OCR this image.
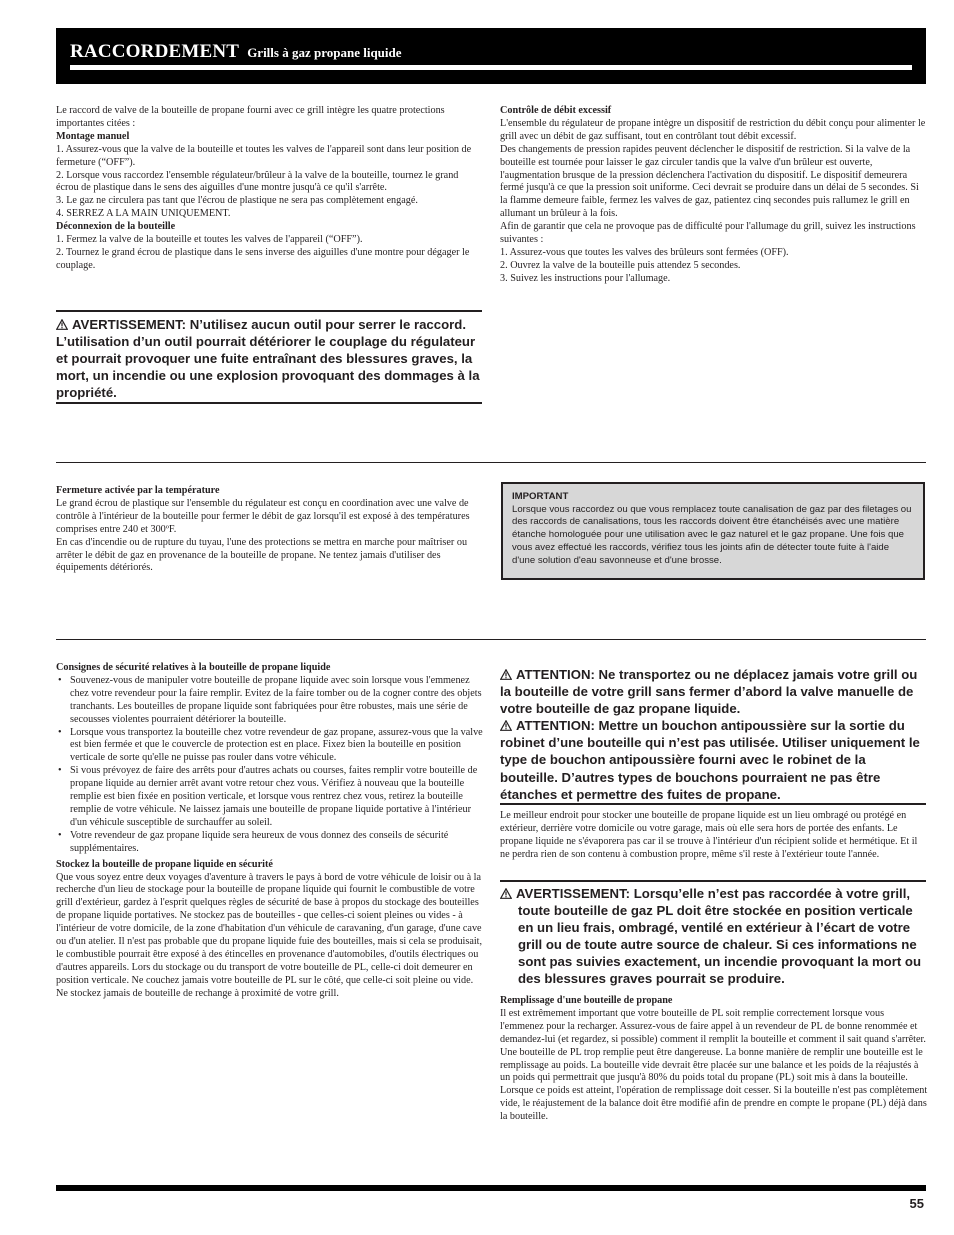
RACCORDEMENT Grills à gaz propane liquide

Le raccord de valve de la bouteille de propane fourni avec ce grill intègre les quatre protections importantes citées :

Montage manuel

1. Assurez-vous que la valve de la bouteille et toutes les valves de l'appareil sont dans leur position de fermeture (“OFF”).

2. Lorsque vous raccordez l'ensemble régulateur/brûleur à la valve de la bouteille, tournez le grand écrou de plastique dans le sens des aiguilles d'une montre jusqu'à ce qu'il s'arrête.

3. Le gaz ne circulera pas tant que l'écrou de plastique ne sera pas complètement engagé.

4. SERREZ A LA MAIN UNIQUEMENT.

Déconnexion de la bouteille

1. Fermez la valve de la bouteille et toutes les valves de l'appareil (“OFF”).

2. Tournez le grand écrou de plastique dans le sens inverse des aiguilles d'une montre pour dégager le couplage.

AVERTISSEMENT: N’utilisez aucun outil pour serrer le raccord. L’utilisation d’un outil pourrait détériorer le couplage du régulateur et pourrait provoquer une fuite entraînant des blessures graves, la mort, un incendie ou une explosion provoquant des dommages à la propriété.

Contrôle de débit excessif

L'ensemble du régulateur de propane intègre un dispositif de restriction du débit conçu pour alimenter le grill avec un débit de gaz suffisant, tout en contrôlant tout débit excessif.

Des changements de pression rapides peuvent déclencher le dispositif de restriction. Si la valve de la bouteille est tournée pour laisser le gaz circuler tandis que la valve d'un brûleur est ouverte, l'augmentation brusque de la pression déclenchera l'activation du dispositif. Le dispositif demeurera fermé jusqu'à ce que la pression soit uniforme. Ceci devrait se produire dans un délai de 5 secondes. Si la flamme demeure faible, fermez les valves de gaz, patientez cinq secondes puis rallumez le grill en allumant un brûleur à la fois.

Afin de garantir que cela ne provoque pas de difficulté pour l'allumage du grill, suivez les instructions suivantes :

1. Assurez-vous que toutes les valves des brûleurs sont fermées (OFF).

2. Ouvrez la valve de la bouteille puis attendez 5 secondes.

3. Suivez les instructions pour l'allumage.

Fermeture activée par la température

Le grand écrou de plastique sur l'ensemble du régulateur est conçu en coordination avec une valve de contrôle à l'intérieur de la bouteille pour fermer le débit de gaz lorsqu'il est exposé à des températures comprises entre 240 et 300ºF.

En cas d'incendie ou de rupture du tuyau, l'une des protections se mettra en marche pour maîtriser ou arrêter le débit de gaz en provenance de la bouteille de propane. Ne tentez jamais d'utiliser des équipements détériorés.

IMPORTANT
Lorsque vous raccordez ou que vous remplacez toute canalisation de gaz par des filetages ou des raccords de canalisations, tous les raccords doivent être étanchéisés avec une matière étanche homologuée pour une utilisation avec le gaz naturel et le gaz propane. Une fois que vous avez effectué les raccords, vérifiez tous les joints afin de détecter toute fuite à l'aide d'une solution d'eau savonneuse et d'une brosse.

Consignes de sécurité relatives à la bouteille de propane liquide

• Souvenez-vous de manipuler votre bouteille de propane liquide avec soin lorsque vous l'emmenez chez votre revendeur pour la faire remplir. Evitez de la faire tomber ou de la cogner contre des objets tranchants. Les bouteilles de propane liquide sont fabriquées pour être robustes, mais une série de secousses violentes pourraient détériorer la bouteille.
• Lorsque vous transportez la bouteille chez votre revendeur de gaz propane, assurez-vous que la valve est bien fermée et que le couvercle de protection est en place. Fixez bien la bouteille en position verticale de sorte qu'elle ne puisse pas rouler dans votre véhicule.
• Si vous prévoyez de faire des arrêts pour d'autres achats ou courses, faites remplir votre bouteille de propane liquide au dernier arrêt avant votre retour chez vous. Vérifiez à nouveau que la bouteille remplie est bien fixée en position verticale, et lorsque vous rentrez chez vous, retirez la bouteille remplie de votre véhicule. Ne laissez jamais une bouteille de propane liquide portative à l'intérieur d'un véhicule susceptible de surchauffer au soleil.
• Votre revendeur de gaz propane liquide sera heureux de vous donnez des conseils de sécurité supplémentaires.

Stockez la bouteille de propane liquide en sécurité

Que vous soyez entre deux voyages d'aventure à travers le pays à bord de votre véhicule de loisir ou à la recherche d'un lieu de stockage pour la bouteille de propane liquide qui fournit le combustible de votre grill d'extérieur, gardez à l'esprit quelques règles de sécurité de base à propos du stockage des bouteilles de propane liquide portatives. Ne stockez pas de bouteilles - que celles-ci soient pleines ou vides - à l'intérieur de votre domicile, de la zone d'habitation d'un véhicule de caravaning, d'un garage, d'une cave ou d'un atelier. Il n'est pas probable que du propane liquide fuie des bouteilles, mais si cela se produisait, le combustible pourrait être exposé à des étincelles en provenance d'automobiles, d'outils électriques ou d'autres appareils. Lors du stockage ou du transport de votre bouteille de PL, celle-ci doit demeurer en position verticale. Ne couchez jamais votre bouteille de PL sur le côté, que celle-ci soit pleine ou vide. Ne stockez jamais de bouteille de rechange à proximité de votre grill.

ATTENTION: Ne transportez ou ne déplacez jamais votre grill ou la bouteille de votre grill sans fermer d’abord la valve manuelle de votre bouteille de gaz propane liquide.

ATTENTION: Mettre un bouchon antipoussière sur la sortie du robinet d’une bouteille qui n’est pas utilisée. Utiliser uniquement le type de bouchon antipoussière fourni avec le robinet de la bouteille. D’autres types de bouchons pourraient ne pas être étanches et permettre des fuites de propane.

Le meilleur endroit pour stocker une bouteille de propane liquide est un lieu ombragé ou protégé en extérieur, derrière votre domicile ou votre garage, mais où elle sera hors de portée des enfants. Le propane liquide ne s'évaporera pas car il se trouve à l'intérieur d'un récipient solide et hermétique. Et il ne perdra rien de son contenu à combustion propre, même s'il reste à l'extérieur toute l'année.

AVERTISSEMENT: Lorsqu’elle n’est pas raccordée à votre grill, toute bouteille de gaz PL doit être stockée en position verticale en un lieu frais, ombragé, ventilé en extérieur à l’écart de votre grill ou de toute autre source de chaleur. Si ces informations ne sont pas suivies exactement, un incendie provoquant la mort ou des blessures graves pourrait se produire.

Remplissage d'une bouteille de propane

Il est extrêmement important que votre bouteille de PL soit remplie correctement lorsque vous l'emmenez pour la recharger. Assurez-vous de faire appel à un revendeur de PL de bonne renommée et demandez-lui (et regardez, si possible) comment il remplit la bouteille et comment il sait quand s'arrêter. Une bouteille de PL trop remplie peut être dangereuse. La bonne manière de remplir une bouteille est le remplissage au poids. La bouteille vide devrait être placée sur une balance et les poids de la réajustés à un poids qui permettrait que jusqu'à 80% du poids total du propane (PL) soit mis à dans la bouteille. Lorsque ce poids est atteint, l'opération de remplissage doit cesser. Si la bouteille n'est pas complètement vide, le réajustement de la balance doit être modifié afin de prendre en compte le propane (PL) déjà dans la bouteille.

55
